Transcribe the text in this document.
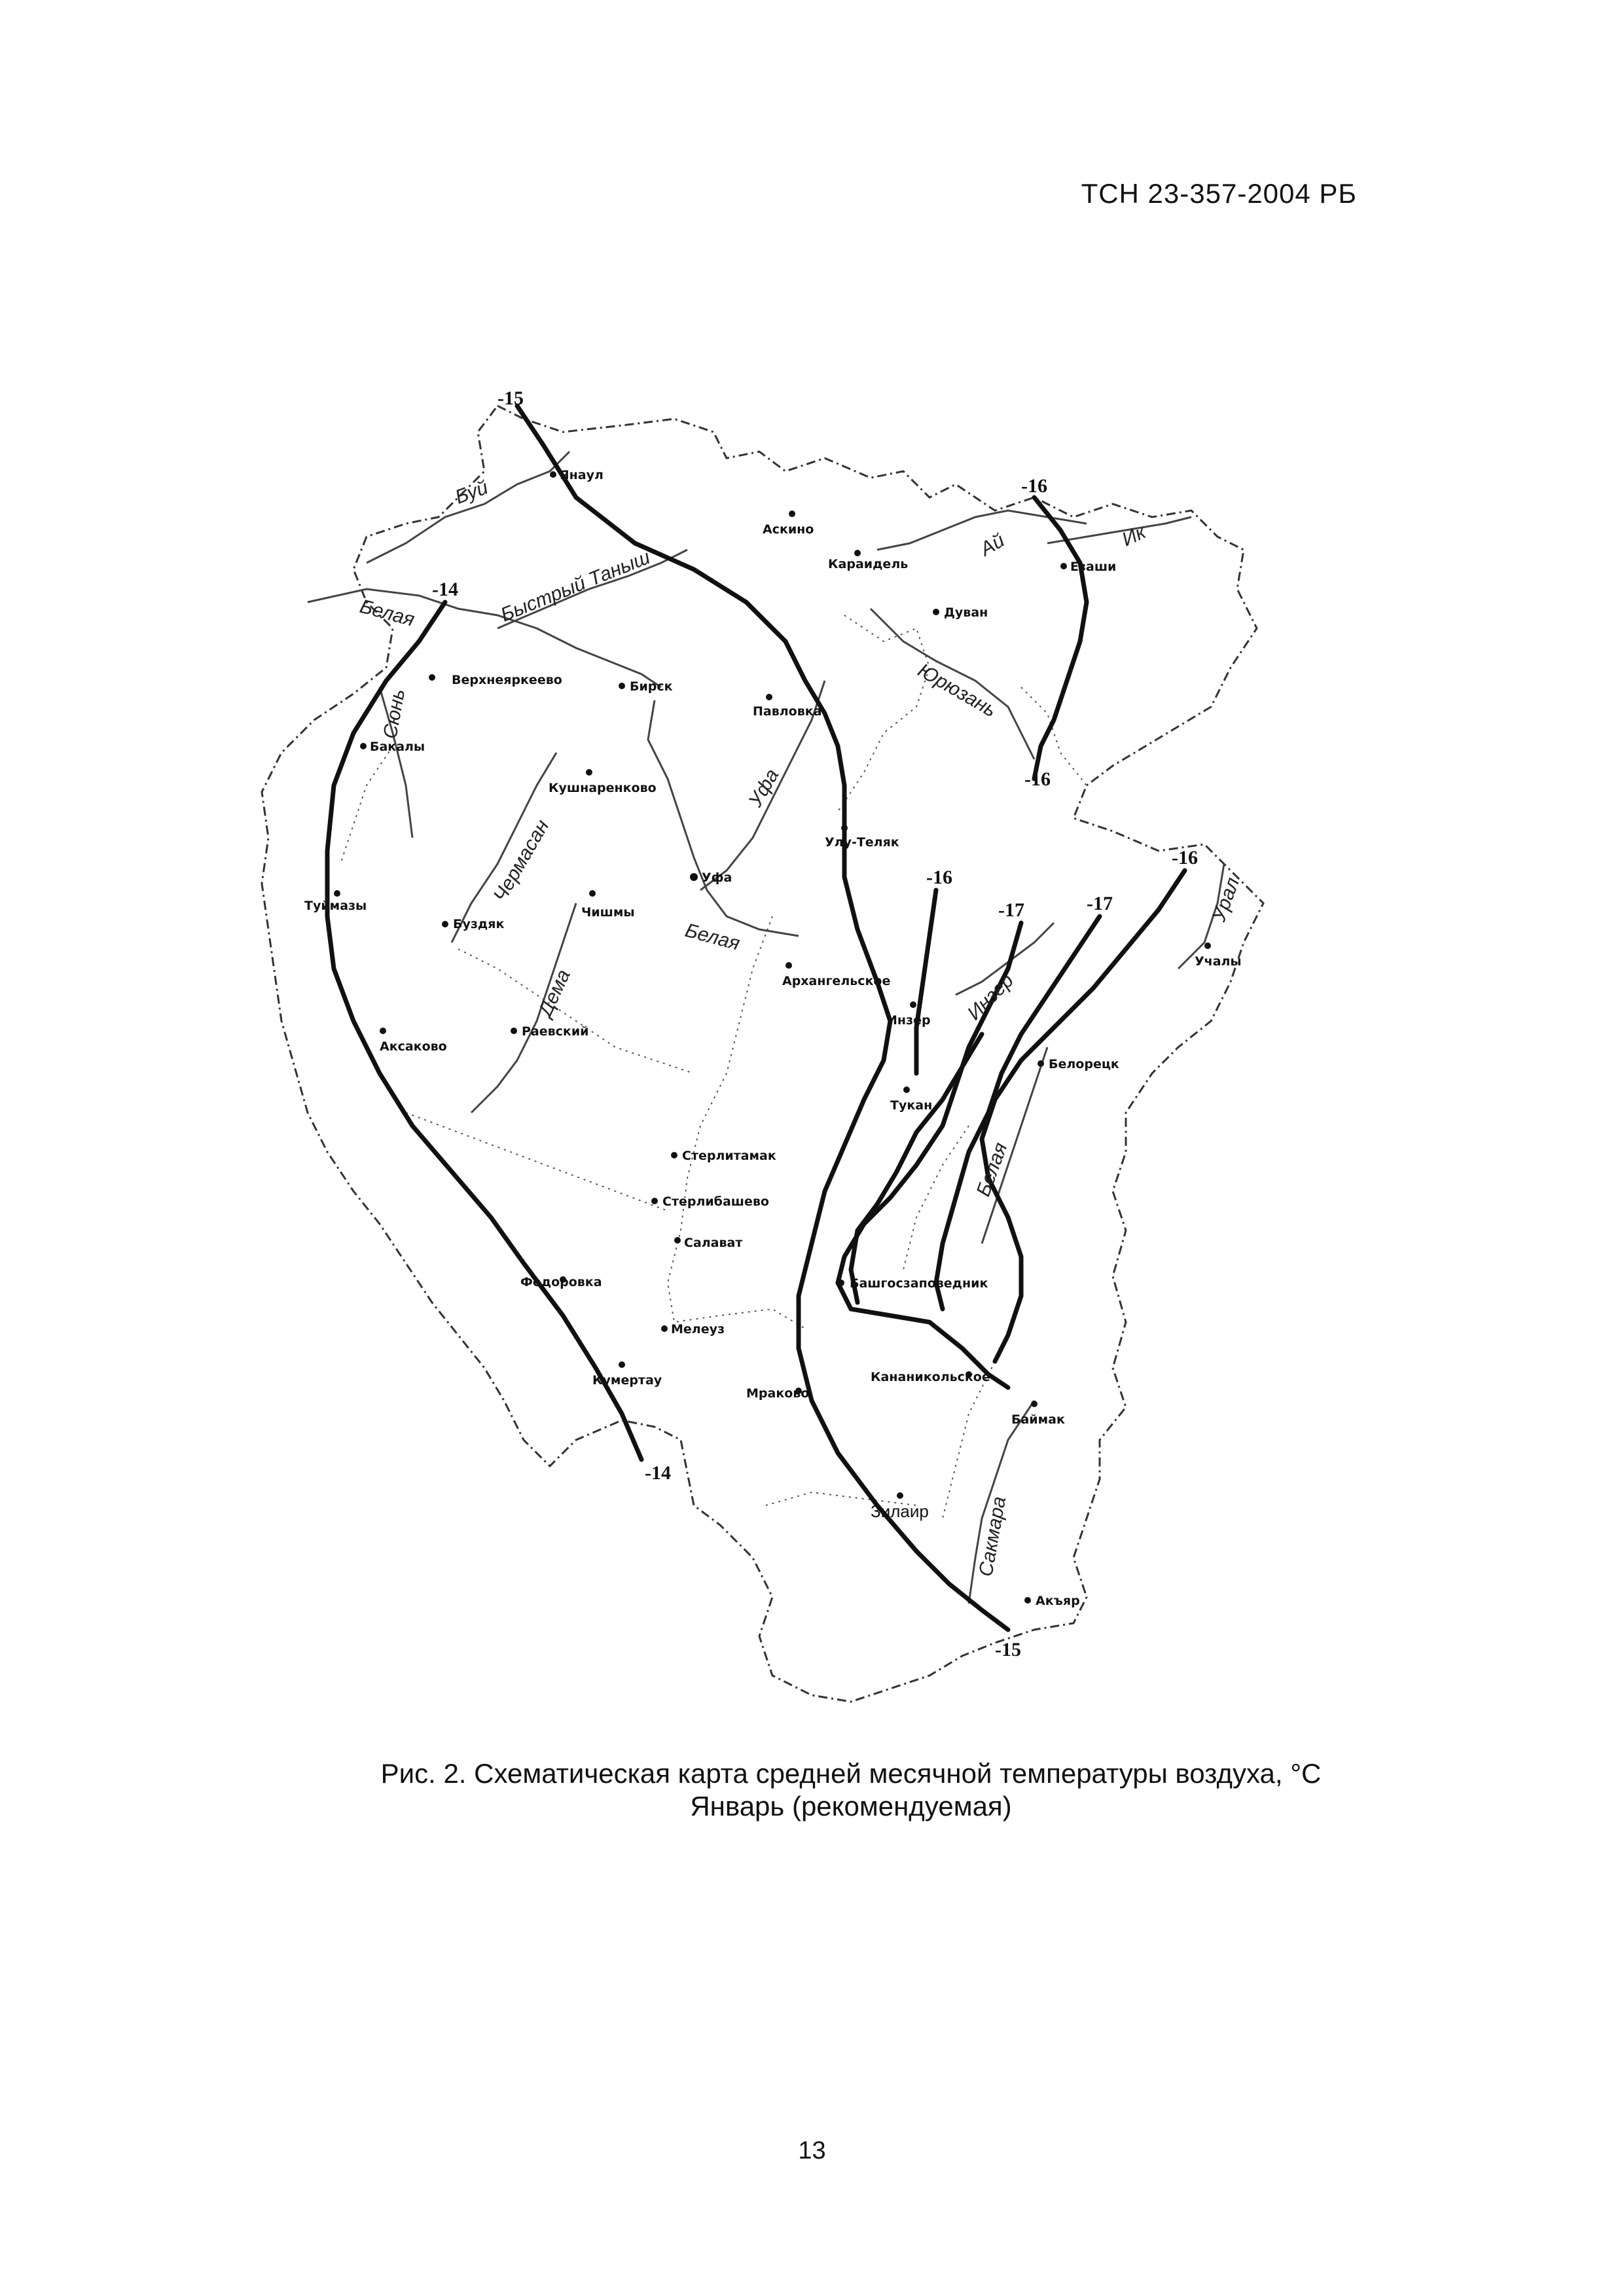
ТСН 23-357-2004 РБ
-15
-14
-16
-16
-16
-17	-17
-16
-14
-15
Буй
Белая	Быстрый Таныш
Ай	Ик
Юрюзань
Уфа
Чермасан
Белая
Дема	Инзер
Урал
Белая
Сакмара
Сюнь
Янаул
Аскино
Караидель
Дуван
Езаши
Верхнеяркеево	Бирск
Бакалы
Павловка
Кушнаренково
Улу-Теляк
Туймазы
Буздяк
Чишмы
Уфа
Учалы
Архангельское
Инзер
Белорецк
Аксаково
Раевский
Тукан
Стерлитамак
Стерлибашево
Салават
Федоровка	Башгосзаповедник
Мелеуз
Кананикольское
Кумертау
Мраково
Баймак
Зилаир
Акъяр
Рис. 2. Схематическая карта средней месячной температуры воздуха, °С
Январь (рекомендуемая)
13
